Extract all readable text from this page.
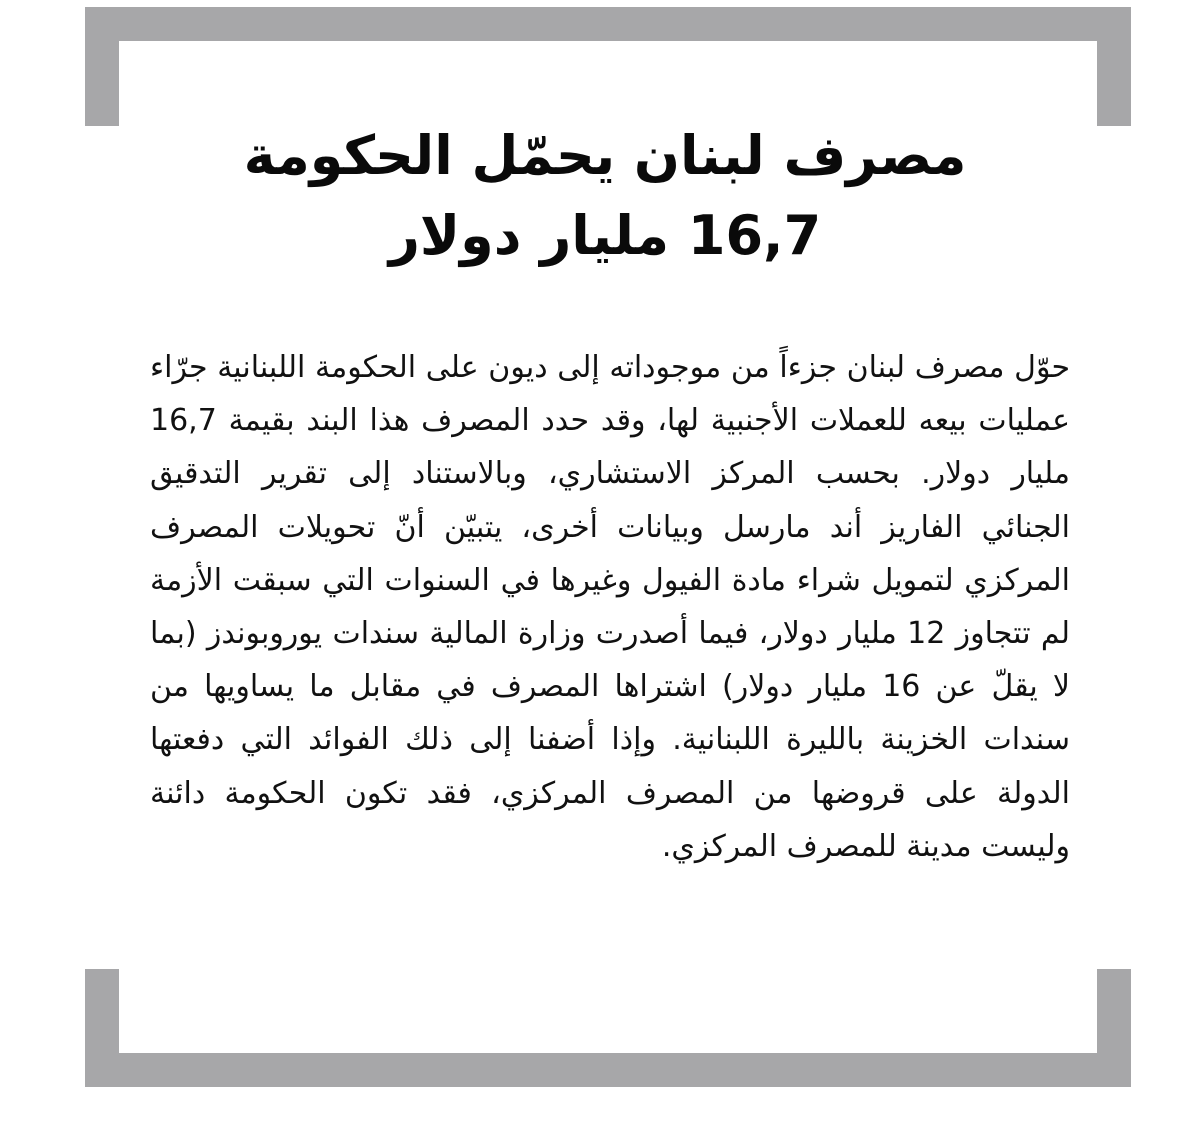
مصرف لبنان يحمّل الحكومة
16,7 مليار دولار

حوّل مصرف لبنان جزءاً من موجوداته إلى ديون على الحكومة اللبنانية جرّاء عمليات بيعه للعملات الأجنبية لها، وقد حدد المصرف هذا البند بقيمة 16,7 مليار دولار. بحسب المركز الاستشاري، وبالاستناد إلى تقرير التدقيق الجنائي الفاريز أند مارسل وبيانات أخرى، يتبيّن أنّ تحويلات المصرف المركزي لتمويل شراء مادة الفيول وغيرها في السنوات التي سبقت الأزمة لم تتجاوز 12 مليار دولار، فيما أصدرت وزارة المالية سندات يوروبوندز (بما لا يقلّ عن 16 مليار دولار) اشتراها المصرف في مقابل ما يساويها من سندات الخزينة بالليرة اللبنانية. وإذا أضفنا إلى ذلك الفوائد التي دفعتها الدولة على قروضها من المصرف المركزي، فقد تكون الحكومة دائنة وليست مدينة للمصرف المركزي.
